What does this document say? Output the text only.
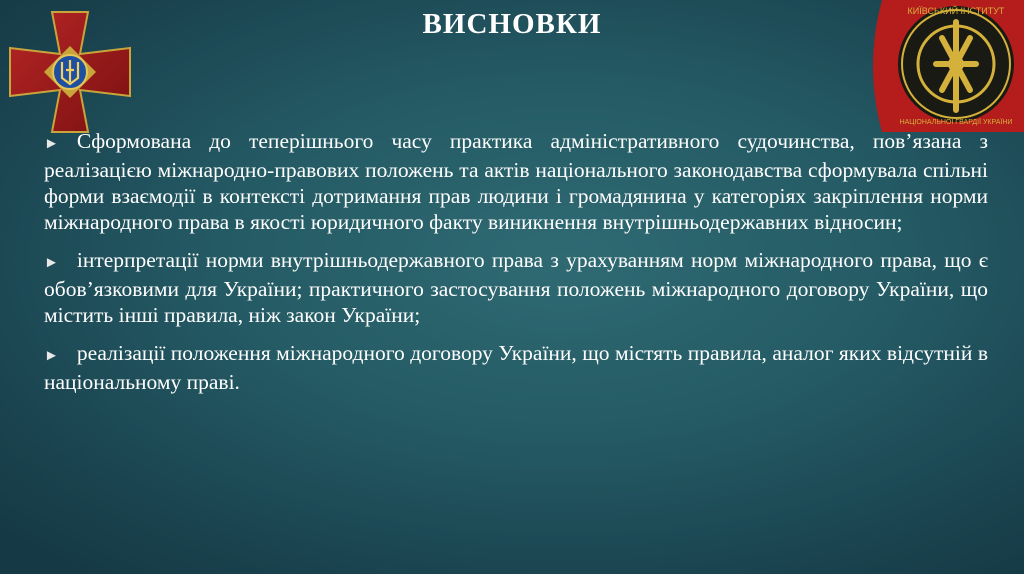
ВИСНОВКИ	КИЇВСЬКИЙ ІНСТИТУТ
НАЦІОНАЛЬНОЇ ГВАРДІЇ УКРАЇНИ

► Сформована до теперішнього часу практика адміністративного судочинства, пов’язана з реалізацією міжнародно-правових положень та актів національного законодавства сформувала спільні форми взаємодії в контексті дотримання прав людини і громадянина у категоріях закріплення норми міжнародного права в якості юридичного факту виникнення внутрішньодержавних відносин;

► інтерпретації норми внутрішньодержавного права з урахуванням норм міжнародного права, що є обов’язковими для України; практичного застосування положень міжнародного договору України, що містить інші правила, ніж закон України;

► реалізації положення міжнародного договору України, що містять правила, аналог яких відсутній в національному праві.
